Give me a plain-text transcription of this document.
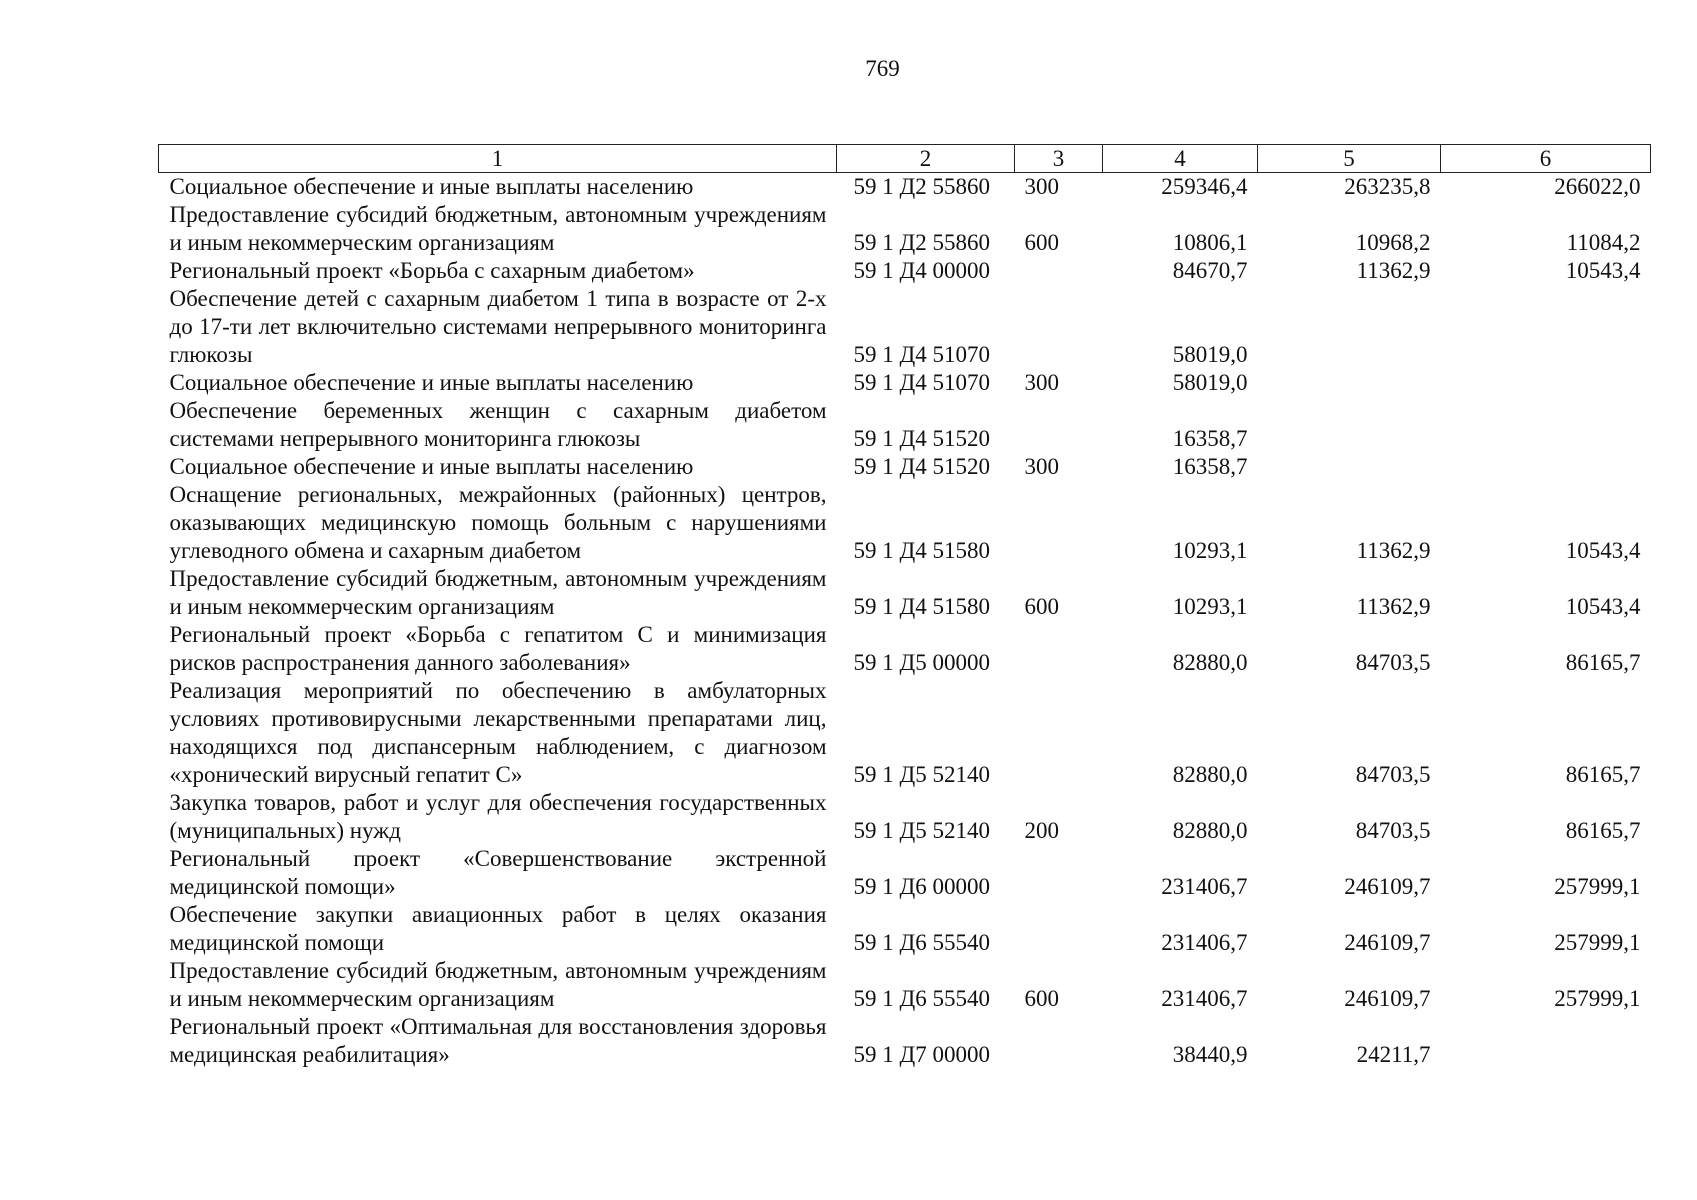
769
1	2	3	4	5	6
Социальное обеспечение и иные выплаты населению	59 1 Д2 55860	300	259346,4	263235,8	266022,0
Предоставление субсидий бюджетным, автономным учреждениям и иным некоммерческим организациям	59 1 Д2 55860	600	10806,1	10968,2	11084,2
Региональный проект «Борьба с сахарным диабетом»	59 1 Д4 00000		84670,7	11362,9	10543,4
Обеспечение детей с сахарным диабетом 1 типа в возрасте от 2-х до 17-ти лет включительно системами непрерывного мониторинга глюкозы	59 1 Д4 51070		58019,0		
Социальное обеспечение и иные выплаты населению	59 1 Д4 51070	300	58019,0		
Обеспечение беременных женщин с сахарным диабетом системами непрерывного мониторинга глюкозы	59 1 Д4 51520		16358,7		
Социальное обеспечение и иные выплаты населению	59 1 Д4 51520	300	16358,7		
Оснащение региональных, межрайонных (районных) центров, оказывающих медицинскую помощь больным с нарушениями углеводного обмена и сахарным диабетом	59 1 Д4 51580		10293,1	11362,9	10543,4
Предоставление субсидий бюджетным, автономным учреждениям и иным некоммерческим организациям	59 1 Д4 51580	600	10293,1	11362,9	10543,4
Региональный проект «Борьба с гепатитом С и минимизация рисков распространения данного заболевания»	59 1 Д5 00000		82880,0	84703,5	86165,7
Реализация мероприятий по обеспечению в амбулаторных условиях противовирусными лекарственными препаратами лиц, находящихся под диспансерным наблюдением, с диагнозом «хронический вирусный гепатит С»	59 1 Д5 52140		82880,0	84703,5	86165,7
Закупка товаров, работ и услуг для обеспечения государственных (муниципальных) нужд	59 1 Д5 52140	200	82880,0	84703,5	86165,7
Региональный проект «Совершенствование экстренной медицинской помощи»	59 1 Д6 00000		231406,7	246109,7	257999,1
Обеспечение закупки авиационных работ в целях оказания медицинской помощи	59 1 Д6 55540		231406,7	246109,7	257999,1
Предоставление субсидий бюджетным, автономным учреждениям и иным некоммерческим организациям	59 1 Д6 55540	600	231406,7	246109,7	257999,1
Региональный проект «Оптимальная для восстановления здоровья медицинская реабилитация»	59 1 Д7 00000		38440,9	24211,7	
